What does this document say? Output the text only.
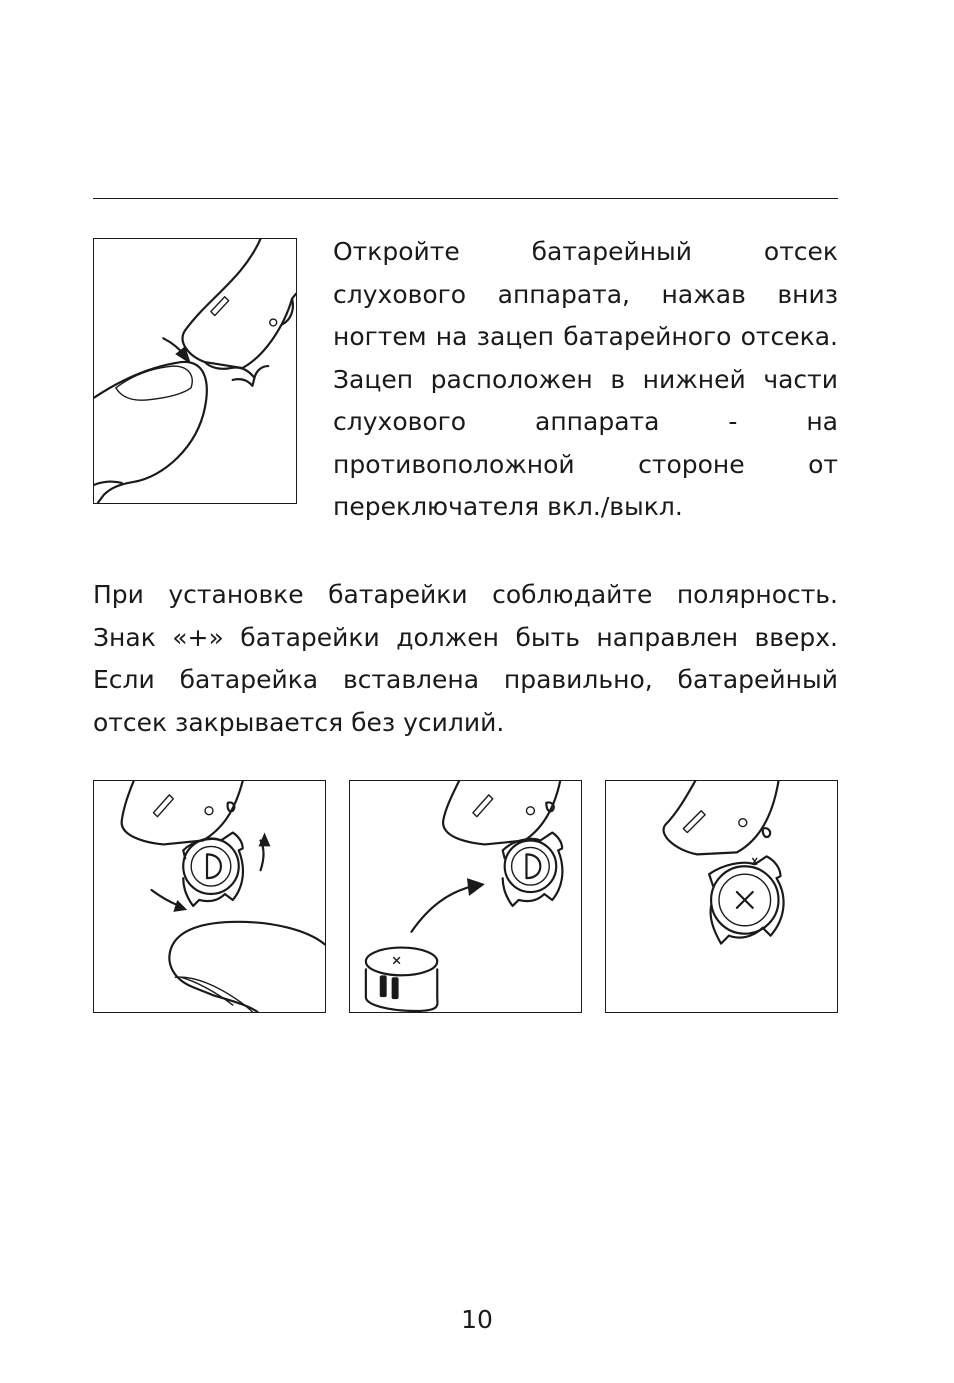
Откройте батарейный отсек слухового аппарата, нажав вниз ногтем на зацеп батарейного отсека. Зацеп расположен в нижней части слухового аппарата - на противоположной стороне от переключателя вкл./выкл.

При установке батарейки соблюдайте полярность. Знак «+» батарейки должен быть направлен вверх. Если батарейка вставлена правильно, батарейный отсек закрывается без усилий.

10
